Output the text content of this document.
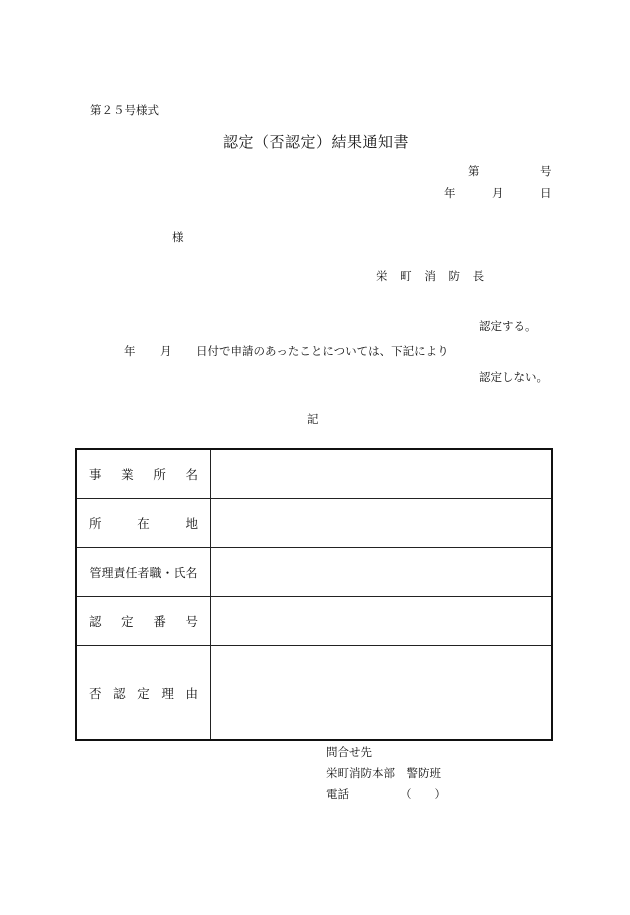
第２５号様式
認定（否認定）結果通知書
第	号
年	月	日
様
栄 町 消 防 長
認定する。
年 月 日付で申請のあったことについては、下記により
認定しない。
記
事 業 所 名	

所 在 地	

管理責任者職・氏名	

認 定 番 号	

否 認 定 理 由	

問合せ先
栄町消防本部　警防班
電話	（　　）
